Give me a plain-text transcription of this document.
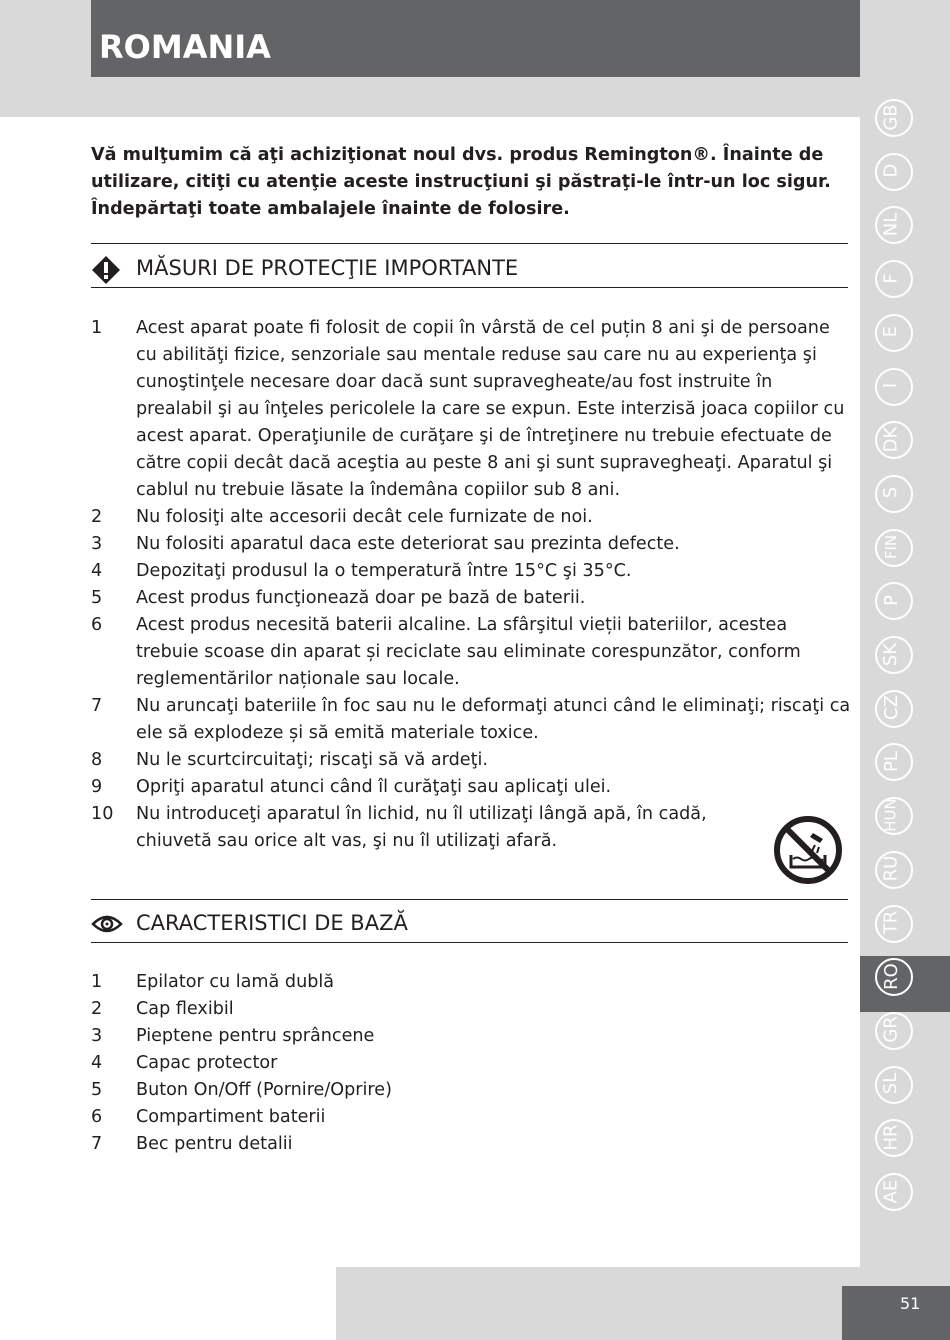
ROMANIA
51
Vă mulţumim că aţi achiziţionat noul dvs. produs Remington®. Înainte de utilizare, citiţi cu atenţie aceste instrucţiuni şi păstraţi-le într-un loc sigur. Îndepărtaţi toate ambalajele înainte de folosire.
MĂSURI DE PROTECŢIE IMPORTANTE
1 Acest aparat poate fi folosit de copii în vârstă de cel puțin 8 ani şi de persoane cu abilităţi fizice, senzoriale sau mentale reduse sau care nu au experienţa şi cunoştinţele necesare doar dacă sunt supravegheate/au fost instruite în prealabil şi au înţeles pericolele la care se expun. Este interzisă joaca copiilor cu acest aparat. Operaţiunile de curăţare şi de întreţinere nu trebuie efectuate de către copii decât dacă aceştia au peste 8 ani şi sunt supravegheaţi. Aparatul şi cablul nu trebuie lăsate la îndemâna copiilor sub 8 ani.
2 Nu folosiţi alte accesorii decât cele furnizate de noi.
3 Nu folositi aparatul daca este deteriorat sau prezinta defecte.
4 Depozitaţi produsul la o temperatură între 15°C şi 35°C.
5 Acest produs funcţionează doar pe bază de baterii.
6 Acest produs necesită baterii alcaline. La sfârşitul vieții bateriilor, acestea trebuie scoase din aparat și reciclate sau eliminate corespunzător, conform reglementărilor naționale sau locale.
7 Nu aruncaţi bateriile în foc sau nu le deformaţi atunci când le eliminaţi; riscaţi ca ele să explodeze și să emită materiale toxice.
8 Nu le scurtcircuitaţi; riscaţi să vă ardeţi.
9 Opriţi aparatul atunci când îl curăţaţi sau aplicaţi ulei.
10 Nu introduceţi aparatul în lichid, nu îl utilizaţi lângă apă, în cadă, chiuvetă sau orice alt vas, şi nu îl utilizaţi afară.
CARACTERISTICI DE BAZĂ
1 Epilator cu lamă dublă
2 Cap flexibil
3 Pieptene pentru sprâncene
4 Capac protector
5 Buton On/Off (Pornire/Oprire)
6 Compartiment baterii
7 Bec pentru detalii
GB
D
NL
F
E
I
DK
S
FIN
P
SK
CZ
PL
HUN
RU
TR
RO
GR
SL
HR
AE
